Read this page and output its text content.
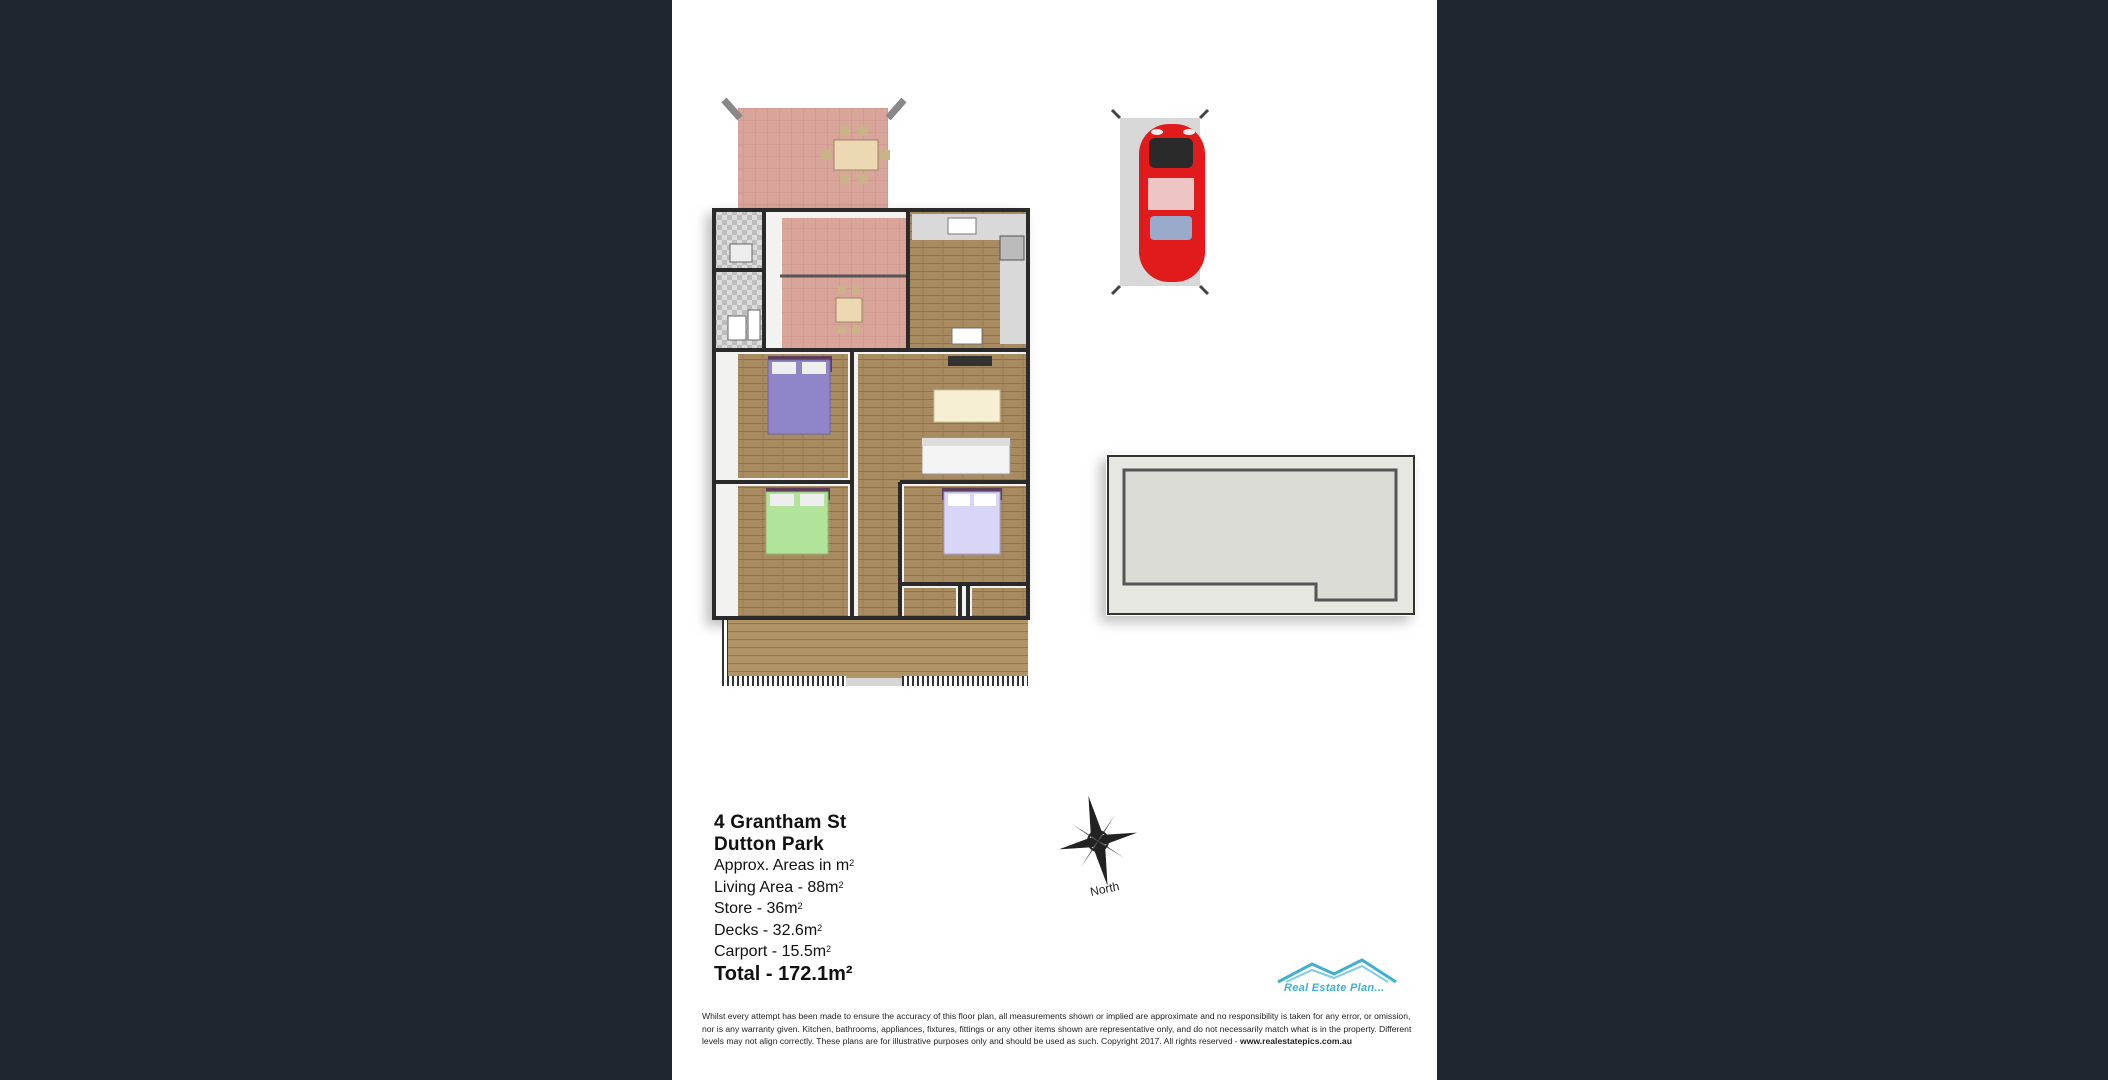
4 Grantham St
Dutton Park
Approx. Areas in $m^2$
Living Area - $88m^2$
Store - $36m^2$
Decks - $32.6m^2$
Carport - $15.5m^2$
Total - 172.1m²
North
Real Estate Plan...
Whilst every attempt has been made to ensure the accuracy of this floor plan, all measurements shown or implied are approximate and no responsibility is taken for any error, or omission, nor is any warranty given. Kitchen, bathrooms, appliances, fixtures, fittings or any other items shown are representative only, and do not necessarily match what is in the property. Different levels may not align correctly. These plans are for illustrative purposes only and should be used as such. Copyright 2017. All rights reserved - www.realestatepics.com.au
